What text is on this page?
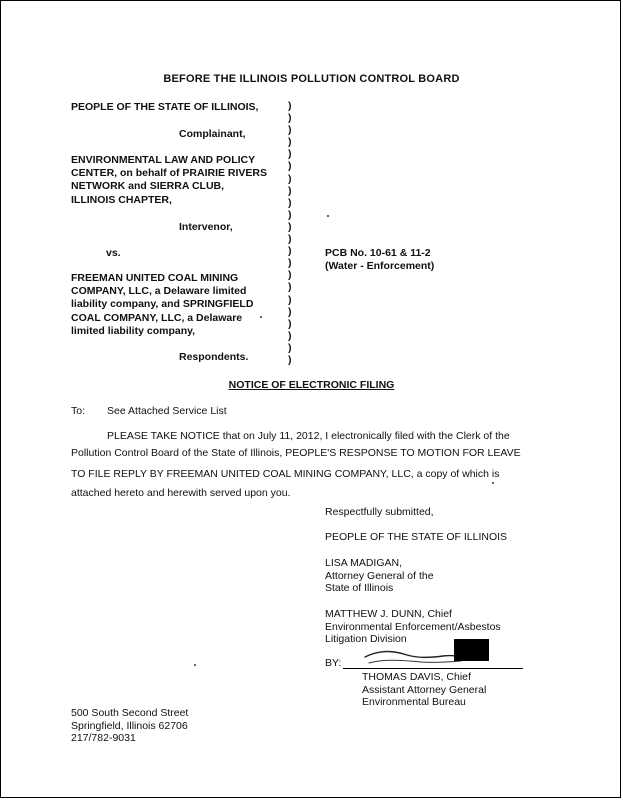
BEFORE THE ILLINOIS POLLUTION CONTROL BOARD
PEOPLE OF THE STATE OF ILLINOIS,
Complainant,
ENVIRONMENTAL LAW AND POLICY
CENTER, on behalf of PRAIRIE RIVERS
NETWORK and SIERRA CLUB,
ILLINOIS CHAPTER,
Intervenor,
vs.
FREEMAN UNITED COAL MINING
COMPANY, LLC, a Delaware limited
liability company, and SPRINGFIELD
COAL COMPANY, LLC, a Delaware
limited liability company,
Respondents.
)
)
)
)
)
)
)
)
)
)
)
)
)
)
)
)
)
)
)
)
)
)
PCB No. 10-61 & 11-2
(Water - Enforcement)
NOTICE OF ELECTRONIC FILING
To: See Attached Service List
PLEASE TAKE NOTICE that on July 11, 2012, I electronically filed with the Clerk of the
Pollution Control Board of the State of Illinois, PEOPLE'S RESPONSE TO MOTION FOR LEAVE
TO FILE REPLY BY FREEMAN UNITED COAL MINING COMPANY, LLC, a copy of which is
attached hereto and herewith served upon you.
Respectfully submitted,
PEOPLE OF THE STATE OF ILLINOIS
LISA MADIGAN,
Attorney General of the
State of Illinois
MATTHEW J. DUNN, Chief
Environmental Enforcement/Asbestos
Litigation Division
BY:
THOMAS DAVIS, Chief
Assistant Attorney General
Environmental Bureau
500 South Second Street
Springfield, Illinois 62706
217/782-9031
